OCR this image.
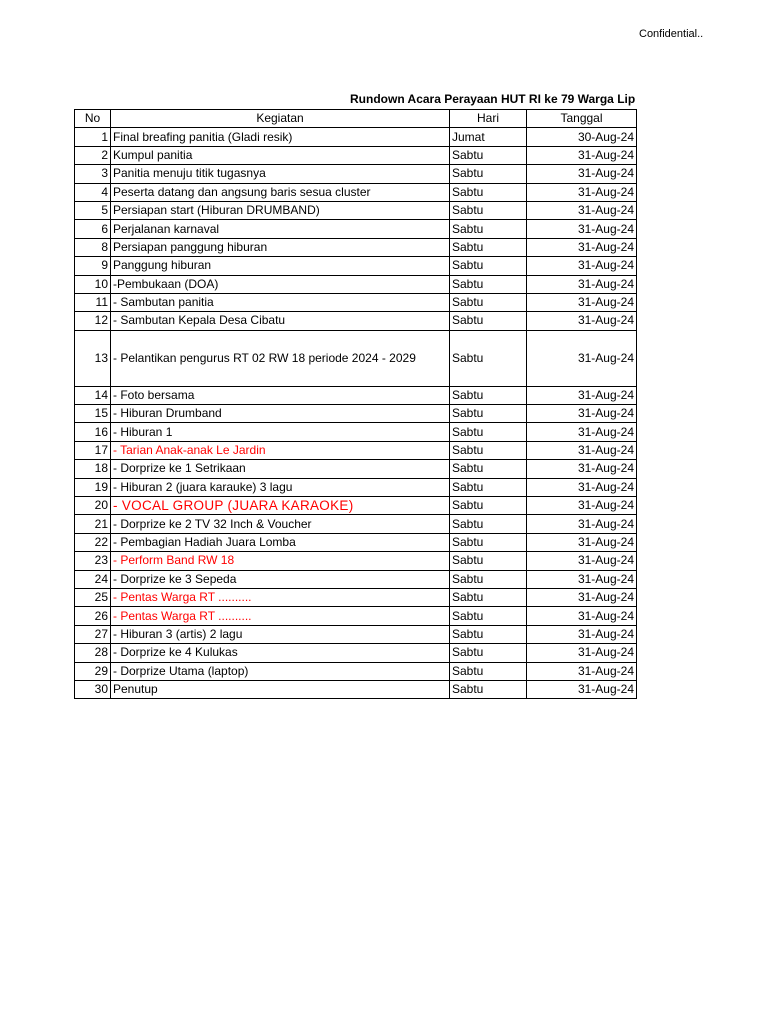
Confidential..
Rundown Acara Perayaan HUT RI ke 79 Warga Lip
No	Kegiatan	Hari	Tanggal
1	Final breafing panitia (Gladi resik)	Jumat	30-Aug-24
2	Kumpul panitia	Sabtu	31-Aug-24
3	Panitia menuju titik tugasnya	Sabtu	31-Aug-24
4	Peserta datang dan angsung baris sesua cluster	Sabtu	31-Aug-24
5	Persiapan start (Hiburan DRUMBAND)	Sabtu	31-Aug-24
6	Perjalanan karnaval	Sabtu	31-Aug-24
8	Persiapan panggung hiburan	Sabtu	31-Aug-24
9	Panggung hiburan	Sabtu	31-Aug-24
10	-Pembukaan (DOA)	Sabtu	31-Aug-24
11	- Sambutan panitia	Sabtu	31-Aug-24
12	- Sambutan Kepala Desa Cibatu	Sabtu	31-Aug-24
13	- Pelantikan pengurus RT 02 RW 18 periode 2024 - 2029	Sabtu	31-Aug-24
14	- Foto bersama	Sabtu	31-Aug-24
15	- Hiburan Drumband	Sabtu	31-Aug-24
16	- Hiburan 1	Sabtu	31-Aug-24
17	- Tarian Anak-anak Le Jardin	Sabtu	31-Aug-24
18	- Dorprize ke 1 Setrikaan	Sabtu	31-Aug-24
19	- Hiburan 2 (juara karauke) 3 lagu	Sabtu	31-Aug-24
20	- VOCAL GROUP (JUARA KARAOKE)	Sabtu	31-Aug-24
21	- Dorprize ke 2 TV 32 Inch & Voucher	Sabtu	31-Aug-24
22	- Pembagian Hadiah Juara Lomba	Sabtu	31-Aug-24
23	- Perform Band RW 18	Sabtu	31-Aug-24
24	- Dorprize ke 3 Sepeda	Sabtu	31-Aug-24
25	- Pentas Warga RT ..........	Sabtu	31-Aug-24
26	- Pentas Warga RT ..........	Sabtu	31-Aug-24
27	- Hiburan 3 (artis) 2 lagu	Sabtu	31-Aug-24
28	- Dorprize ke 4 Kulukas	Sabtu	31-Aug-24
29	- Dorprize Utama (laptop)	Sabtu	31-Aug-24
30	Penutup	Sabtu	31-Aug-24
